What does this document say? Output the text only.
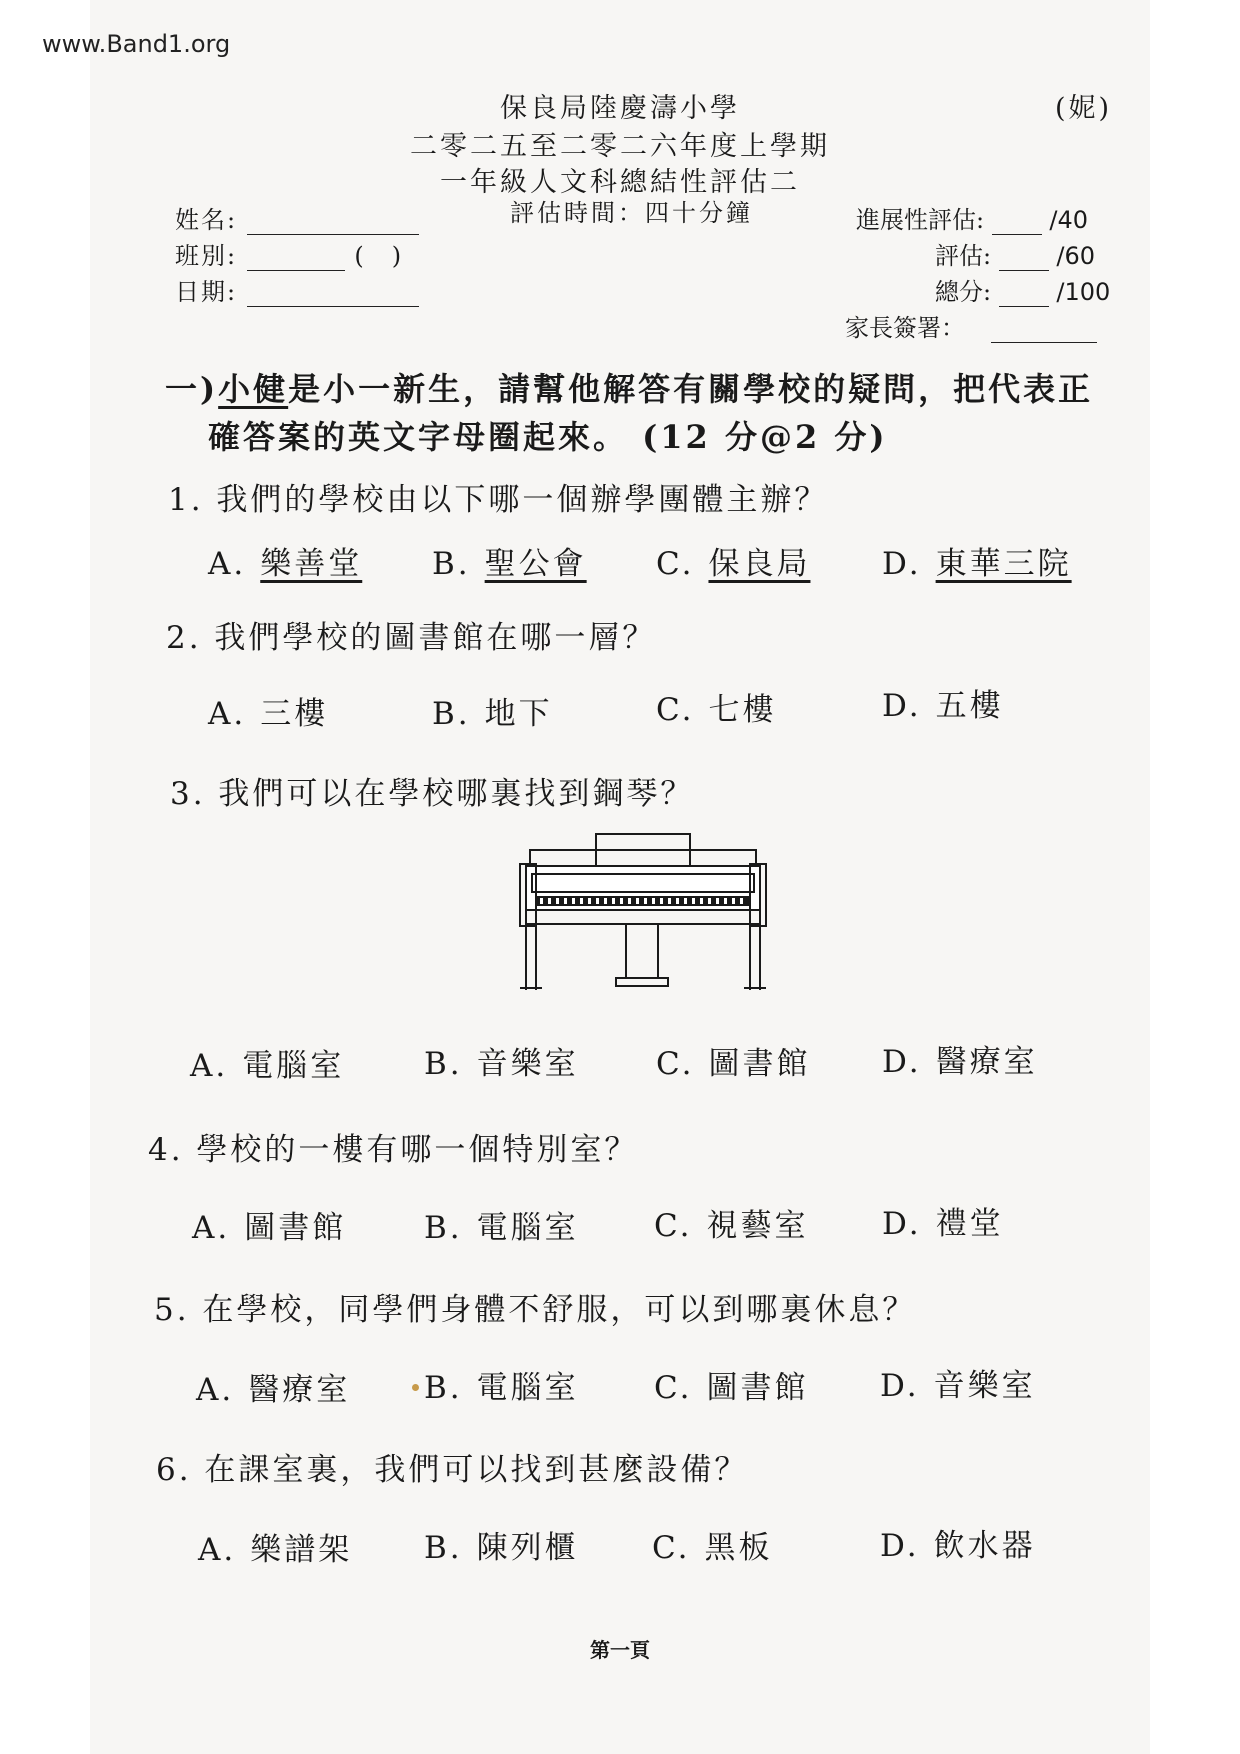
www.Band1.org
保良局陸慶濤小學
二零二五至二零二六年度上學期
一年級人文科總結性評估二
評估時間：四十分鐘
(妮)
姓名:
班別:	(　)
日期:
進展性評估:	/40
評估:	/60
總分:	/100
家長簽署：
一)小健是小一新生，請幫他解答有關學校的疑問，把代表正
確答案的英文字母圈起來。 (12 分@2 分)
1. 我們的學校由以下哪一個辦學團體主辦？
A. 樂善堂 B. 聖公會 C. 保良局 D. 東華三院
2. 我們學校的圖書館在哪一層？
A. 三樓	B. 地下	C. 七樓	D. 五樓
3. 我們可以在學校哪裏找到鋼琴？
A. 電腦室	B. 音樂室 C. 圖書館 D. 醫療室
4. 學校的一樓有哪一個特別室？
A. 圖書館	B. 電腦室 C. 視藝室 D. 禮堂
5. 在學校，同學們身體不舒服，可以到哪裏休息？
A. 醫療室 B. 電腦室 C. 圖書館 D. 音樂室
6. 在課室裏，我們可以找到甚麼設備？
A. 樂譜架 B. 陳列櫃 C. 黑板	D. 飲水器
第一頁
